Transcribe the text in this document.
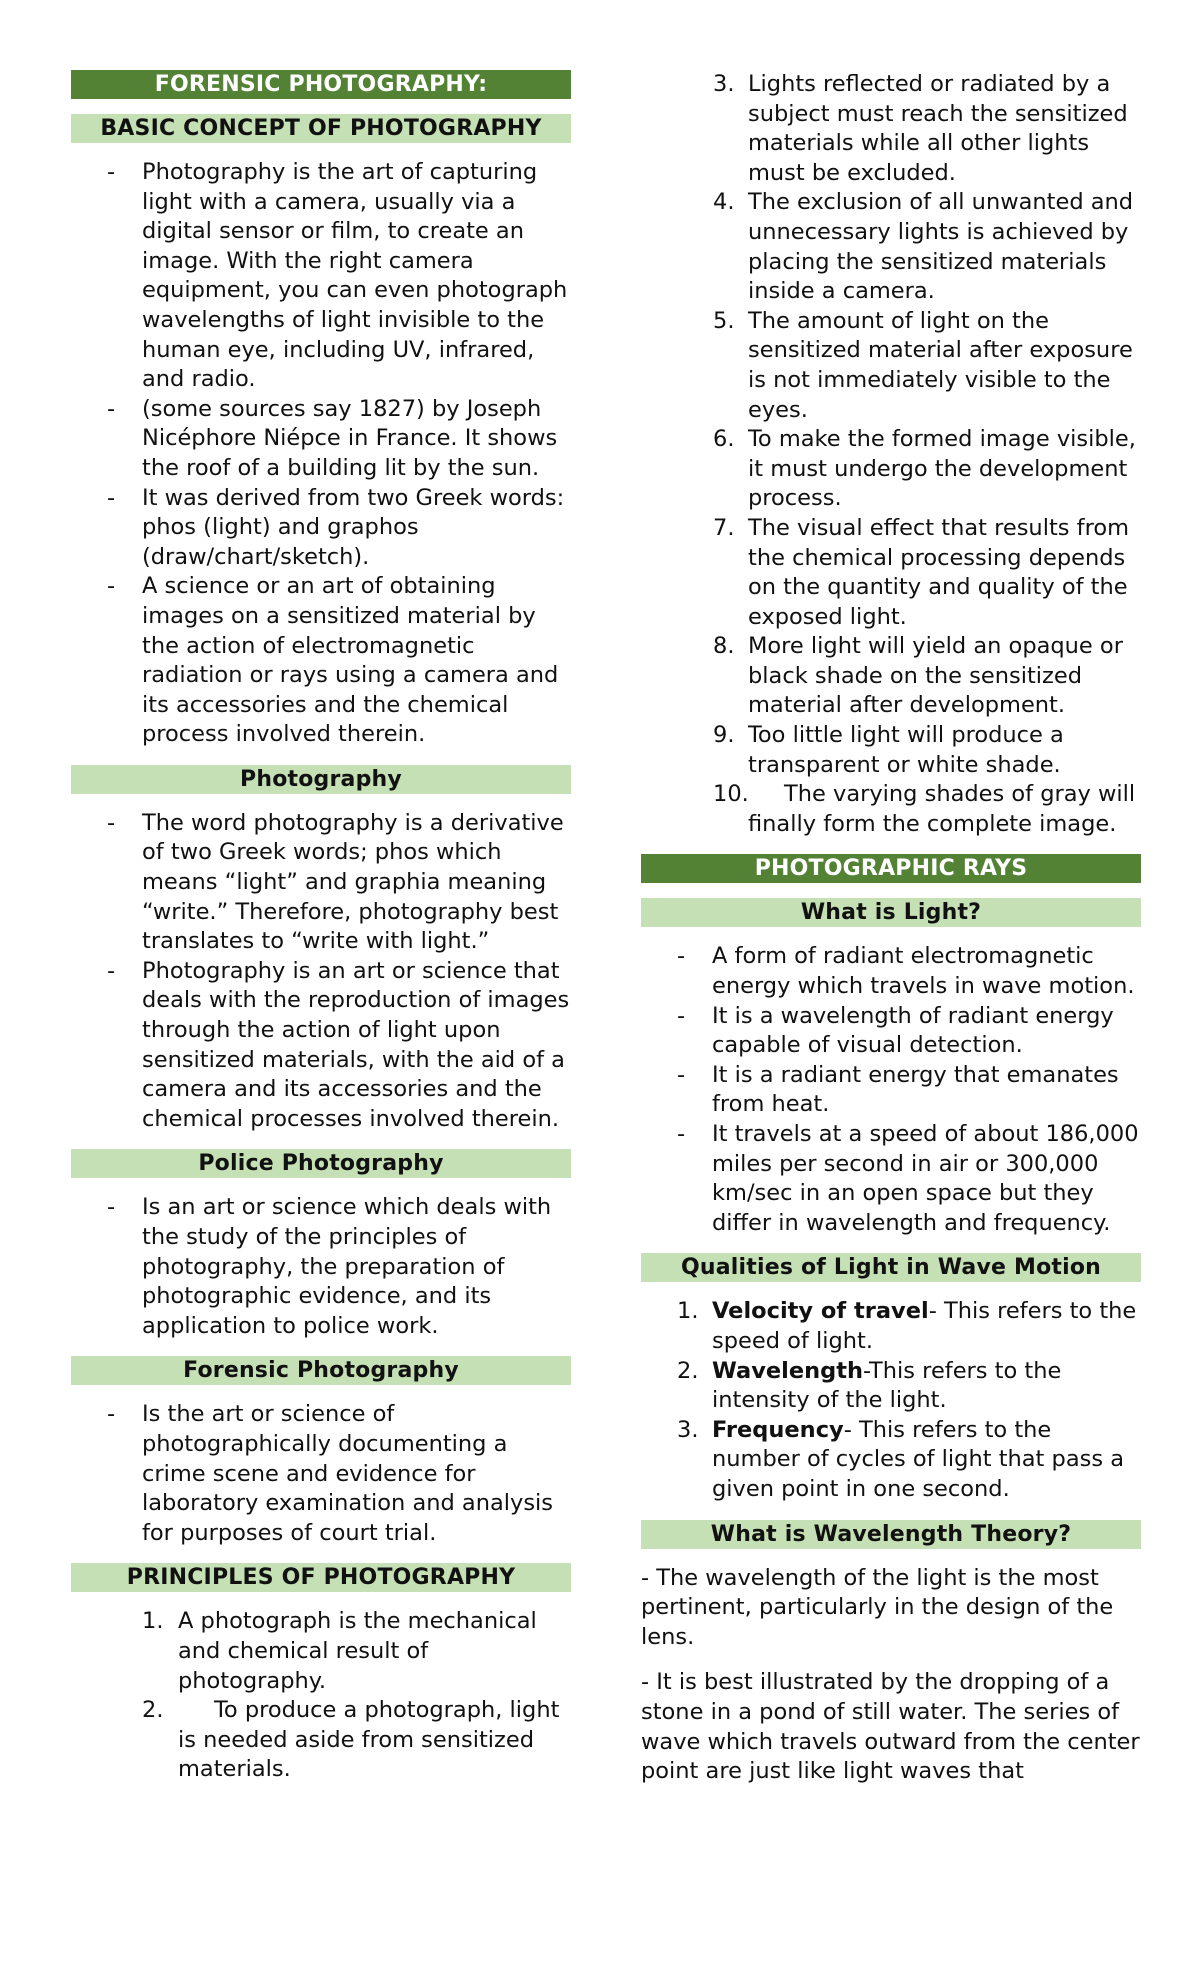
FORENSIC PHOTOGRAPHY:
BASIC CONCEPT OF PHOTOGRAPHY
- Photography is the art of capturing light with a camera, usually via a digital sensor or film, to create an image. With the right camera equipment, you can even photograph wavelengths of light invisible to the human eye, including UV, infrared, and radio.
- (some sources say 1827) by Joseph Nicéphore Niépce in France. It shows the roof of a building lit by the sun.
- It was derived from two Greek words: phos (light) and graphos (draw/chart/sketch).
- A science or an art of obtaining images on a sensitized material by the action of electromagnetic radiation or rays using a camera and its accessories and the chemical process involved therein.
Photography
- The word photography is a derivative of two Greek words; phos which means “light” and graphia meaning “write.” Therefore, photography best translates to “write with light.”
- Photography is an art or science that deals with the reproduction of images through the action of light upon sensitized materials, with the aid of a camera and its accessories and the chemical processes involved therein.
Police Photography
- Is an art or science which deals with the study of the principles of photography, the preparation of photographic evidence, and its application to police work.
Forensic Photography
- Is the art or science of photographically documenting a crime scene and evidence for laboratory examination and analysis for purposes of court trial.
PRINCIPLES OF PHOTOGRAPHY
1. A photograph is the mechanical and chemical result of photography.
2. To produce a photograph, light is needed aside from sensitized materials.
3. Lights reflected or radiated by a subject must reach the sensitized materials while all other lights must be excluded.
4. The exclusion of all unwanted and unnecessary lights is achieved by placing the sensitized materials inside a camera.
5. The amount of light on the sensitized material after exposure is not immediately visible to the eyes.
6. To make the formed image visible, it must undergo the development process.
7. The visual effect that results from the chemical processing depends on the quantity and quality of the exposed light.
8. More light will yield an opaque or black shade on the sensitized material after development.
9. Too little light will produce a transparent or white shade.
10. The varying shades of gray will finally form the complete image.
PHOTOGRAPHIC RAYS
What is Light?
- A form of radiant electromagnetic energy which travels in wave motion.
- It is a wavelength of radiant energy capable of visual detection.
- It is a radiant energy that emanates from heat.
- It travels at a speed of about 186,000 miles per second in air or 300,000 km/sec in an open space but they differ in wavelength and frequency.
Qualities of Light in Wave Motion
1. Velocity of travel- This refers to the speed of light.
2. Wavelength-This refers to the intensity of the light.
3. Frequency- This refers to the number of cycles of light that pass a given point in one second.
What is Wavelength Theory?

- The wavelength of the light is the most pertinent, particularly in the design of the lens.

- It is best illustrated by the dropping of a stone in a pond of still water. The series of wave which travels outward from the center point are just like light waves that
